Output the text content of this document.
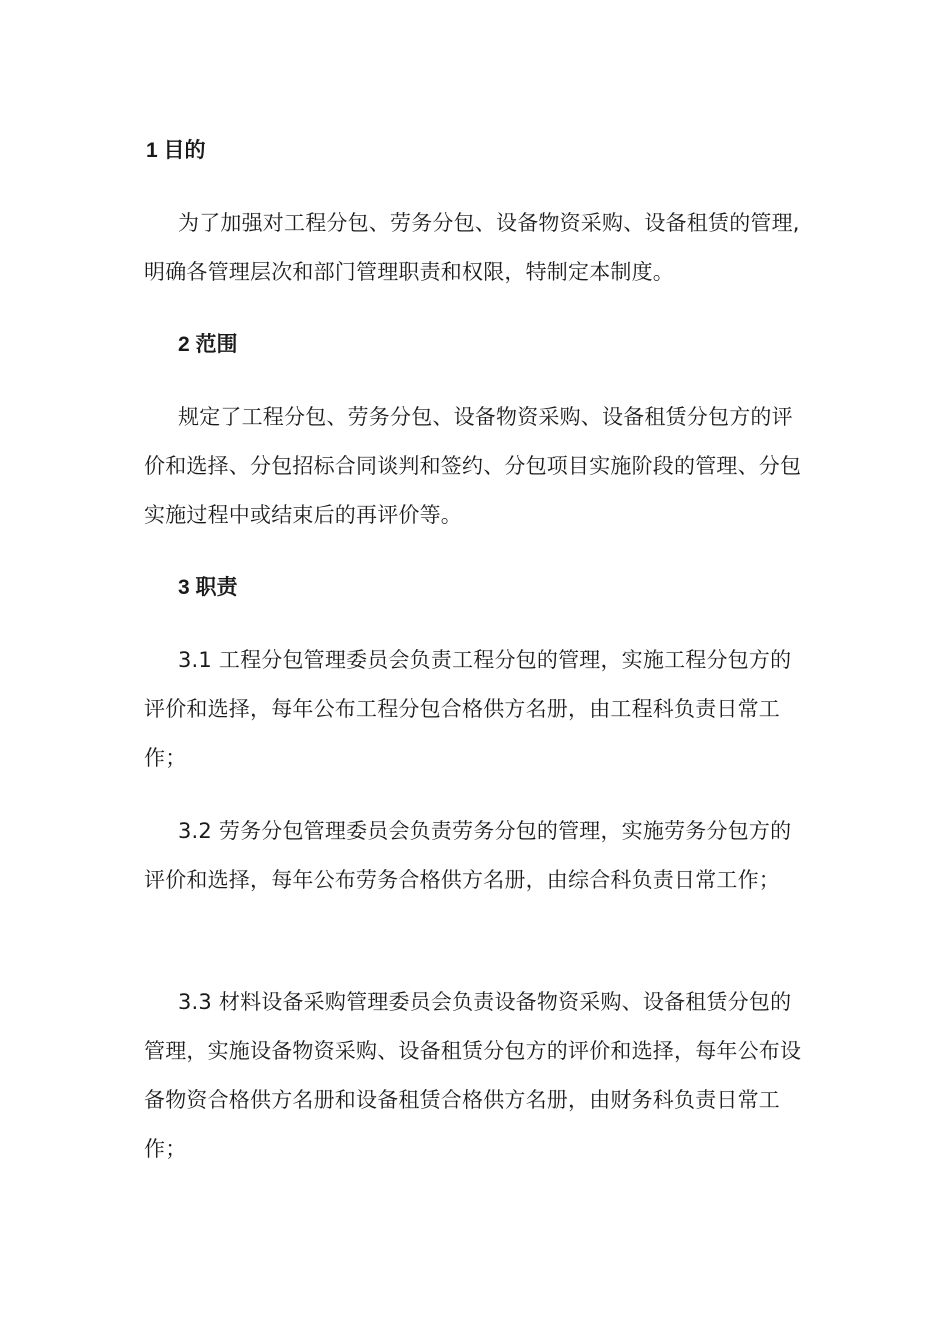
1 目的

为了加强对工程分包、劳务分包、设备物资采购、设备租赁的管理,明确各管理层次和部门管理职责和权限，特制定本制度。

2 范围

规定了工程分包、劳务分包、设备物资采购、设备租赁分包方的评价和选择、分包招标合同谈判和签约、分包项目实施阶段的管理、分包实施过程中或结束后的再评价等。

3 职责

3.1 工程分包管理委员会负责工程分包的管理，实施工程分包方的评价和选择，每年公布工程分包合格供方名册，由工程科负责日常工作；

3.2 劳务分包管理委员会负责劳务分包的管理，实施劳务分包方的评价和选择，每年公布劳务合格供方名册，由综合科负责日常工作；

3.3 材料设备采购管理委员会负责设备物资采购、设备租赁分包的管理，实施设备物资采购、设备租赁分包方的评价和选择，每年公布设备物资合格供方名册和设备租赁合格供方名册，由财务科负责日常工作；
